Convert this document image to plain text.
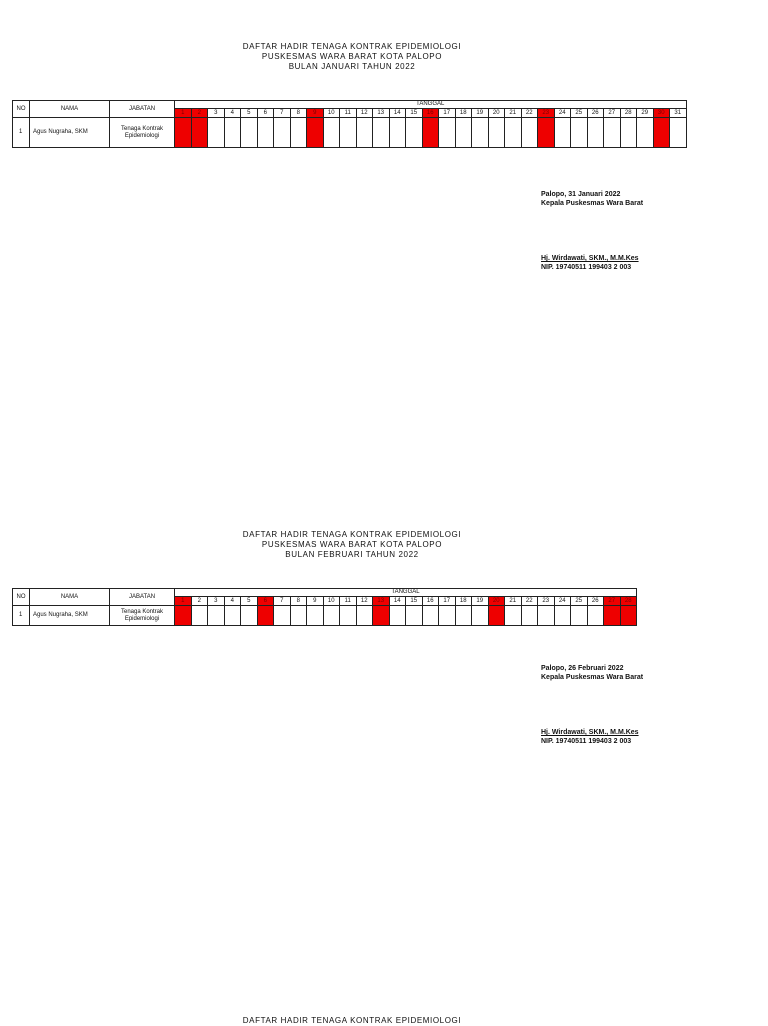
DAFTAR HADIR TENAGA KONTRAK EPIDEMIOLOGI
PUSKESMAS WARA BARAT KOTA PALOPO
BULAN JANUARI TAHUN 2022
NO	NAMA	JABATAN	TANGGAL																														
			1	2	3	4	5	6	7	8	9	10	11	12	13	14	15	16	17	18	19	20	21	22	23	24	25	26	27	28	29	30	31
1	Agus Nugraha, SKM	Tenaga Kontrak
Epidemiologi																															

Palopo, 31 Januari 2022
Kepala Puskesmas Wara Barat
Hj. Wirdawati, SKM., M.M.Kes
NIP. 19740511 199403 2 003
DAFTAR HADIR TENAGA KONTRAK EPIDEMIOLOGI
PUSKESMAS WARA BARAT KOTA PALOPO
BULAN FEBRUARI TAHUN 2022
NO	NAMA	JABATAN	TANGGAL																											
			1	2	3	4	5	6	7	8	9	10	11	12	13	14	15	16	17	18	19	20	21	22	23	24	25	26	27	28
1	Agus Nugraha, SKM	Tenaga Kontrak
Epidemiologi																												

Palopo, 26 Februari 2022
Kepala Puskesmas Wara Barat
Hj. Wirdawati, SKM., M.M.Kes
NIP. 19740511 199403 2 003
DAFTAR HADIR TENAGA KONTRAK EPIDEMIOLOGI
